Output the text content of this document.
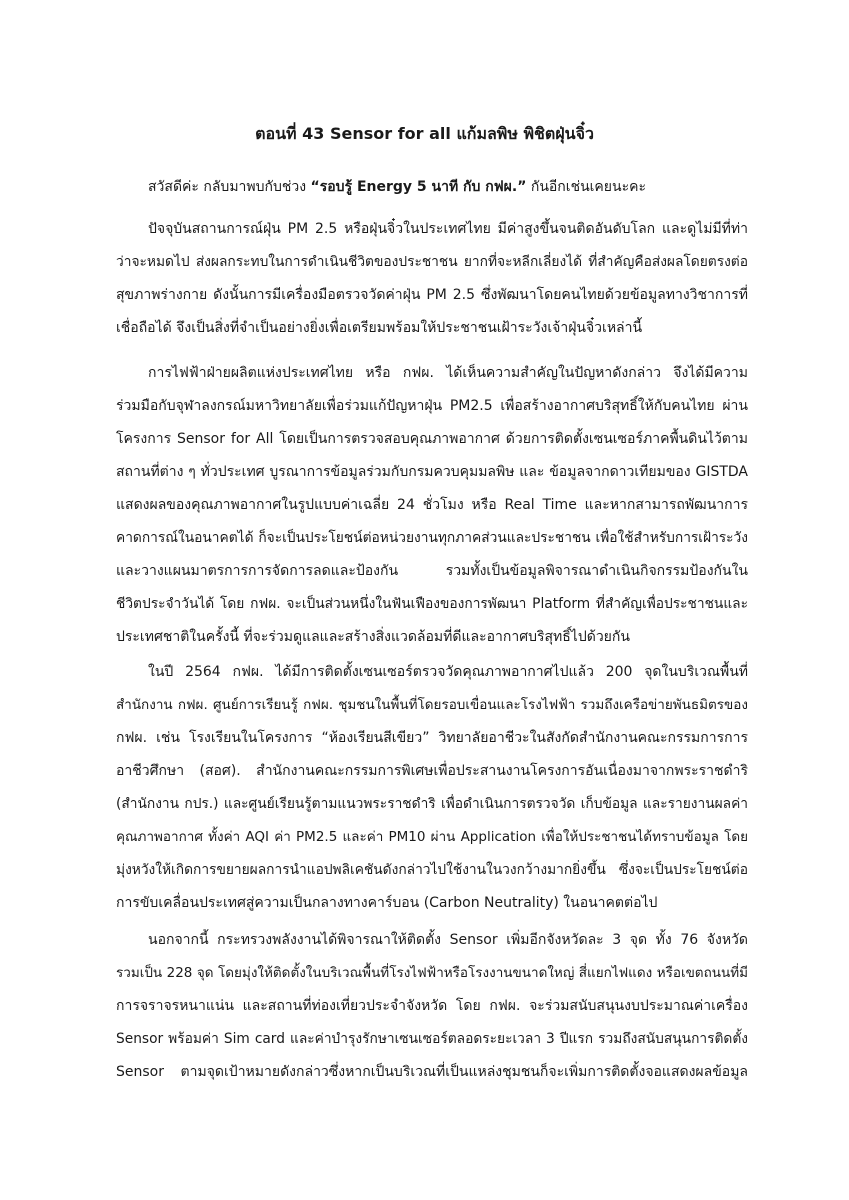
ตอนที่ 43 Sensor for all แก้มลพิษ พิชิตฝุ่นจิ๋ว

สวัสดีค่ะ กลับมาพบกับช่วง “รอบรู้ Energy 5 นาที กับ กฟผ.” กันอีกเช่นเคยนะคะ

ปัจจุบันสถานการณ์ฝุ่น PM 2.5 หรือฝุ่นจิ๋วในประเทศไทย มีค่าสูงขึ้นจนติดอันดับโลก และดูไม่มีที่ท่า
ว่าจะหมดไป ส่งผลกระทบในการดำเนินชีวิตของประชาชน ยากที่จะหลีกเลี่ยงได้ ที่สำคัญคือส่งผลโดยตรงต่อ
สุขภาพร่างกาย ดังนั้นการมีเครื่องมือตรวจวัดค่าฝุ่น PM 2.5 ซึ่งพัฒนาโดยคนไทยด้วยข้อมูลทางวิชาการที่
เชื่อถือได้ จึงเป็นสิ่งที่จำเป็นอย่างยิ่งเพื่อเตรียมพร้อมให้ประชาชนเฝ้าระวังเจ้าฝุ่นจิ๋วเหล่านี้
การไฟฟ้าฝ่ายผลิตแห่งประเทศไทย หรือ กฟผ. ได้เห็นความสำคัญในปัญหาดังกล่าว จึงได้มีความ
ร่วมมือกับจุฬาลงกรณ์มหาวิทยาลัยเพื่อร่วมแก้ปัญหาฝุ่น PM2.5 เพื่อสร้างอากาศบริสุทธิ์ให้กับคนไทย ผ่าน
โครงการ Sensor for All โดยเป็นการตรวจสอบคุณภาพอากาศ ด้วยการติดตั้งเซนเซอร์ภาคพื้นดินไว้ตาม
สถานที่ต่าง ๆ ทั่วประเทศ บูรณาการข้อมูลร่วมกับกรมควบคุมมลพิษ และ ข้อมูลจากดาวเทียมของ GISTDA
แสดงผลของคุณภาพอากาศในรูปแบบค่าเฉลี่ย 24 ชั่วโมง หรือ Real Time และหากสามารถพัฒนาการ
คาดการณ์ในอนาคตได้ ก็จะเป็นประโยชน์ต่อหน่วยงานทุกภาคส่วนและประชาชน เพื่อใช้สำหรับการเฝ้าระวัง
และวางแผนมาตรการการจัดการลดและป้องกัน รวมทั้งเป็นข้อมูลพิจารณาดำเนินกิจกรรมป้องกันใน
ชีวิตประจำวันได้ โดย กฟผ. จะเป็นส่วนหนึ่งในฟันเฟืองของการพัฒนา Platform ที่สำคัญเพื่อประชาชนและ
ประเทศชาติในครั้งนี้ ที่จะร่วมดูแลและสร้างสิ่งแวดล้อมที่ดีและอากาศบริสุทธิ์ไปด้วยกัน
ในปี 2564 กฟผ. ได้มีการติดตั้งเซนเซอร์ตรวจวัดคุณภาพอากาศไปแล้ว 200 จุดในบริเวณพื้นที่
สำนักงาน กฟผ. ศูนย์การเรียนรู้ กฟผ. ชุมชนในพื้นที่โดยรอบเขื่อนและโรงไฟฟ้า รวมถึงเครือข่ายพันธมิตรของ
กฟผ. เช่น โรงเรียนในโครงการ “ห้องเรียนสีเขียว” วิทยาลัยอาชีวะในสังกัดสำนักงานคณะกรรมการการ
อาชีวศึกษา (สอศ). สำนักงานคณะกรรมการพิเศษเพื่อประสานงานโครงการอันเนื่องมาจากพระราชดำริ
(สำนักงาน กปร.) และศูนย์เรียนรู้ตามแนวพระราชดำริ เพื่อดำเนินการตรวจวัด เก็บข้อมูล และรายงานผลค่า
คุณภาพอากาศ ทั้งค่า AQI ค่า PM2.5 และค่า PM10 ผ่าน Application เพื่อให้ประชาชนได้ทราบข้อมูล โดย
มุ่งหวังให้เกิดการขยายผลการนำแอปพลิเคชันดังกล่าวไปใช้งานในวงกว้างมากยิ่งขึ้น ซึ่งจะเป็นประโยชน์ต่อ
การขับเคลื่อนประเทศสู่ความเป็นกลางทางคาร์บอน (Carbon Neutrality) ในอนาคตต่อไป
นอกจากนี้ กระทรวงพลังงานได้พิจารณาให้ติดตั้ง Sensor เพิ่มอีกจังหวัดละ 3 จุด ทั้ง 76 จังหวัด
รวมเป็น 228 จุด โดยมุ่งให้ติดตั้งในบริเวณพื้นที่โรงไฟฟ้าหรือโรงงานขนาดใหญ่ สี่แยกไฟแดง หรือเขตถนนที่มี
การจราจรหนาแน่น และสถานที่ท่องเที่ยวประจำจังหวัด โดย กฟผ. จะร่วมสนับสนุนงบประมาณค่าเครื่อง
Sensor พร้อมค่า Sim card และค่าบำรุงรักษาเซนเซอร์ตลอดระยะเวลา 3 ปีแรก รวมถึงสนับสนุนการติดตั้ง
Sensor ตามจุดเป้าหมายดังกล่าวซึ่งหากเป็นบริเวณที่เป็นแหล่งชุมชนก็จะเพิ่มการติดตั้งจอแสดงผลข้อมูล
